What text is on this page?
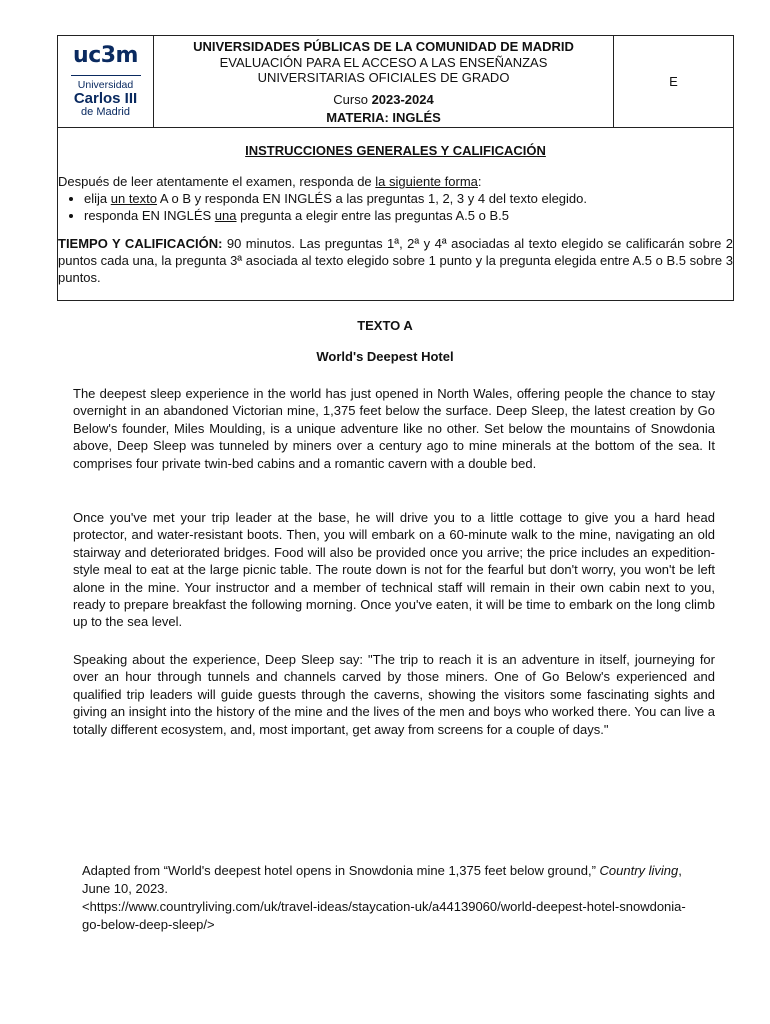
uc3m
Universidad
Carlos III
de Madrid
UNIVERSIDADES PÚBLICAS DE LA COMUNIDAD DE MADRID
EVALUACIÓN PARA EL ACCESO A LAS ENSEÑANZAS
UNIVERSITARIAS OFICIALES DE GRADO
Curso 2023-2024
MATERIA: INGLÉS
E
INSTRUCCIONES GENERALES Y CALIFICACIÓN
Después de leer atentamente el examen, responda de la siguiente forma:
• elija un texto A o B y responda EN INGLÉS a las preguntas 1, 2, 3 y 4 del texto elegido.
• responda EN INGLÉS una pregunta a elegir entre las preguntas A.5 o B.5
TIEMPO Y CALIFICACIÓN: 90 minutos. Las preguntas 1ª, 2ª y 4ª asociadas al texto elegido se calificarán sobre 2 puntos cada una, la pregunta 3ª asociada al texto elegido sobre 1 punto y la pregunta elegida entre A.5 o B.5 sobre 3 puntos.
TEXTO A
World's Deepest Hotel
The deepest sleep experience in the world has just opened in North Wales, offering people the chance to stay overnight in an abandoned Victorian mine, 1,375 feet below the surface. Deep Sleep, the latest creation by Go Below's founder, Miles Moulding, is a unique adventure like no other. Set below the mountains of Snowdonia above, Deep Sleep was tunneled by miners over a century ago to mine minerals at the bottom of the sea. It comprises four private twin-bed cabins and a romantic cavern with a double bed.
Once you've met your trip leader at the base, he will drive you to a little cottage to give you a hard head protector, and water-resistant boots. Then, you will embark on a 60-minute walk to the mine, navigating an old stairway and deteriorated bridges. Food will also be provided once you arrive; the price includes an expedition-style meal to eat at the large picnic table. The route down is not for the fearful but don't worry, you won't be left alone in the mine. Your instructor and a member of technical staff will remain in their own cabin next to you, ready to prepare breakfast the following morning. Once you've eaten, it will be time to embark on the long climb up to the sea level.
Speaking about the experience, Deep Sleep say: "The trip to reach it is an adventure in itself, journeying for over an hour through tunnels and channels carved by those miners. One of Go Below's experienced and qualified trip leaders will guide guests through the caverns, showing the visitors some fascinating sights and giving an insight into the history of the mine and the lives of the men and boys who worked there. You can live a totally different ecosystem, and, most important, get away from screens for a couple of days."
Adapted from “World's deepest hotel opens in Snowdonia mine 1,375 feet below ground,” Country living, June 10, 2023.
<https://www.countryliving.com/uk/travel-ideas/staycation-uk/a44139060/world-deepest-hotel-snowdonia-go-below-deep-sleep/>
